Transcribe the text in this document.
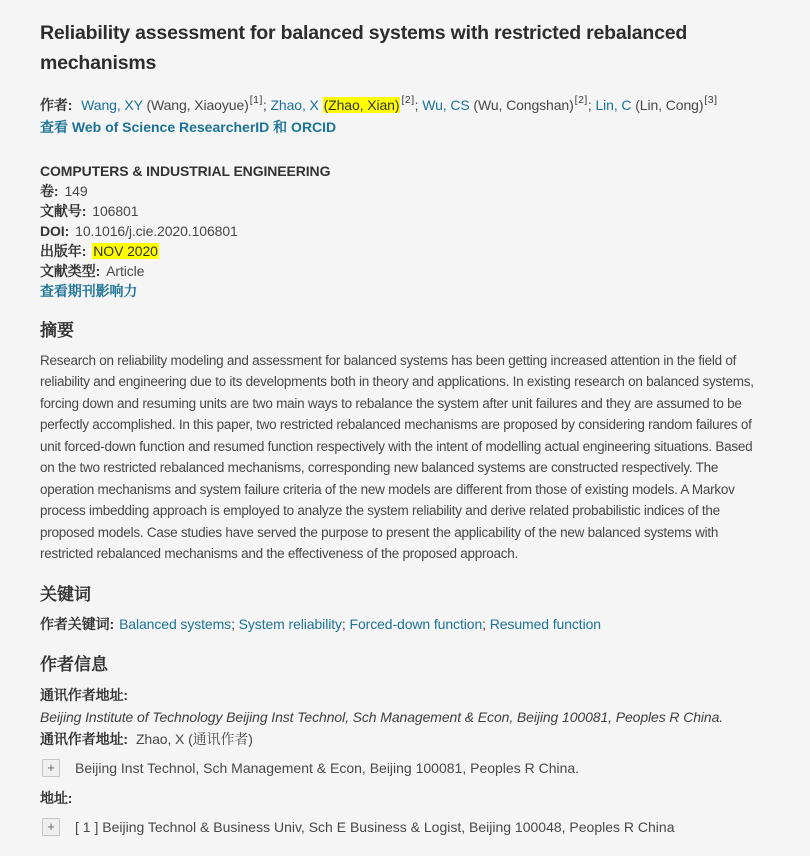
Reliability assessment for balanced systems with restricted rebalanced mechanisms
作者: Wang, XY (Wang, Xiaoyue)[1]; Zhao, X (Zhao, Xian) [2]; Wu, CS (Wu, Congshan)[2]; Lin, C (Lin, Cong)[3]
查看 Web of Science ResearcherID 和 ORCID
COMPUTERS & INDUSTRIAL ENGINEERING
卷: 149
文献号: 106801
DOI: 10.1016/j.cie.2020.106801
出版年: NOV 2020
文献类型: Article
查看期刊影响力
摘要

Research on reliability modeling and assessment for balanced systems has been getting increased attention in the field of reliability and engineering due to its developments both in theory and applications. In existing research on balanced systems, forcing down and resuming units are two main ways to rebalance the system after unit failures and they are assumed to be perfectly accomplished. In this paper, two restricted rebalanced mechanisms are proposed by considering random failures of unit forced-down function and resumed function respectively with the intent of modelling actual engineering situations. Based on the two restricted rebalanced mechanisms, corresponding new balanced systems are constructed respectively. The operation mechanisms and system failure criteria of the new models are different from those of existing models. A Markov process imbedding approach is employed to analyze the system reliability and derive related probabilistic indices of the proposed models. Case studies have served the purpose to present the applicability of the new balanced systems with restricted rebalanced mechanisms and the effectiveness of the proposed approach.

关键词
作者关键词: Balanced systems; System reliability; Forced-down function; Resumed function
作者信息
通讯作者地址:
Beijing Institute of Technology Beijing Inst Technol, Sch Management & Econ, Beijing 100081, Peoples R China.
通讯作者地址: Zhao, X (通讯作者)
+ Beijing Inst Technol, Sch Management & Econ, Beijing 100081, Peoples R China.
地址:
+ [ 1 ] Beijing Technol & Business Univ, Sch E Business & Logist, Beijing 100048, Peoples R China
